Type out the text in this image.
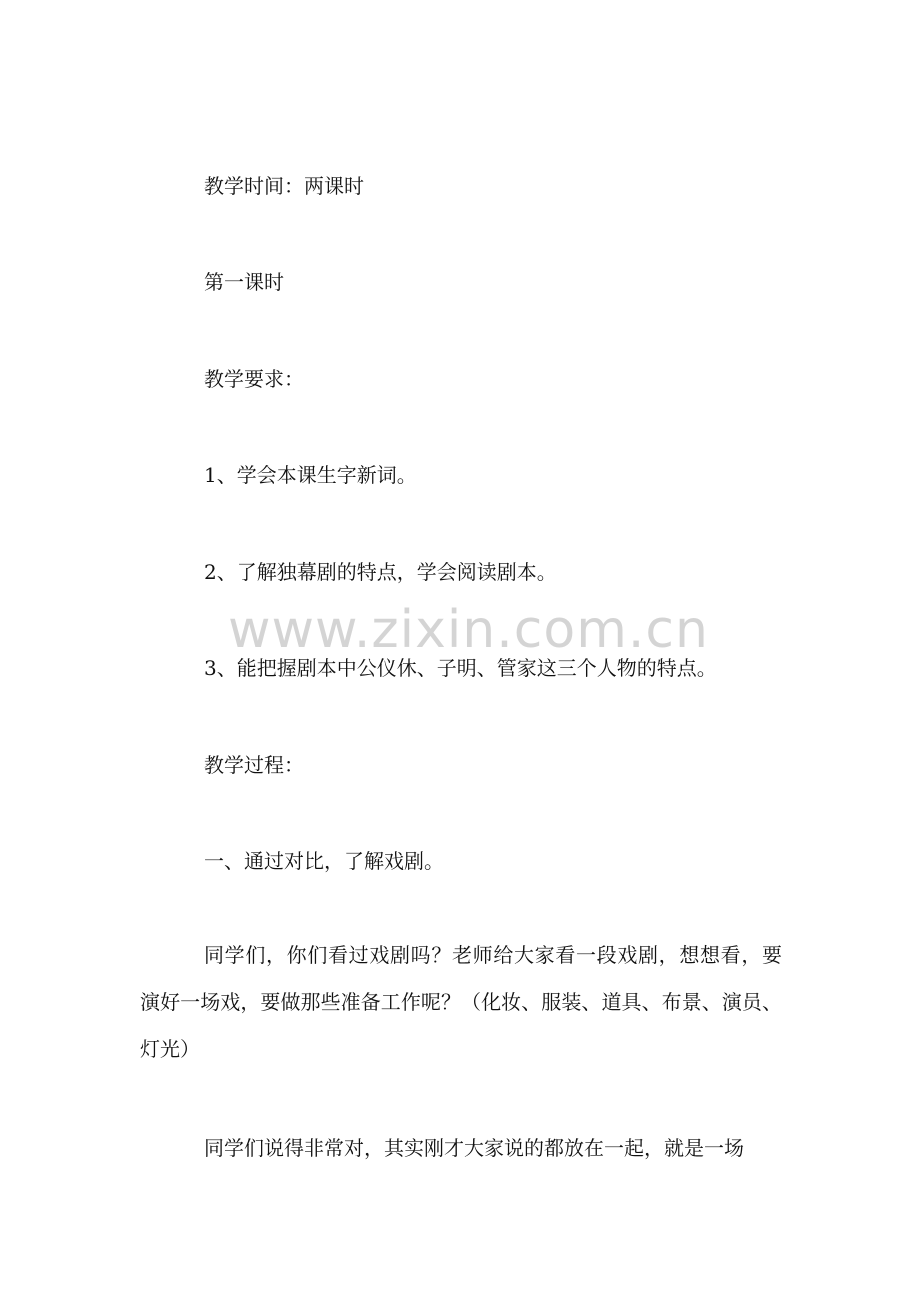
教学时间：两课时

第一课时

教学要求：

1、学会本课生字新词。

2、了解独幕剧的特点，学会阅读剧本。

3、能把握剧本中公仪休、子明、管家这三个人物的特点。

教学过程：

一、通过对比，了解戏剧。

同学们，你们看过戏剧吗？老师给大家看一段戏剧，想想看，要演好一场戏，要做那些准备工作呢？（化妆、服装、道具、布景、演员、灯光）

同学们说得非常对，其实刚才大家说的都放在一起，就是一场

www.zixin.com.cn
